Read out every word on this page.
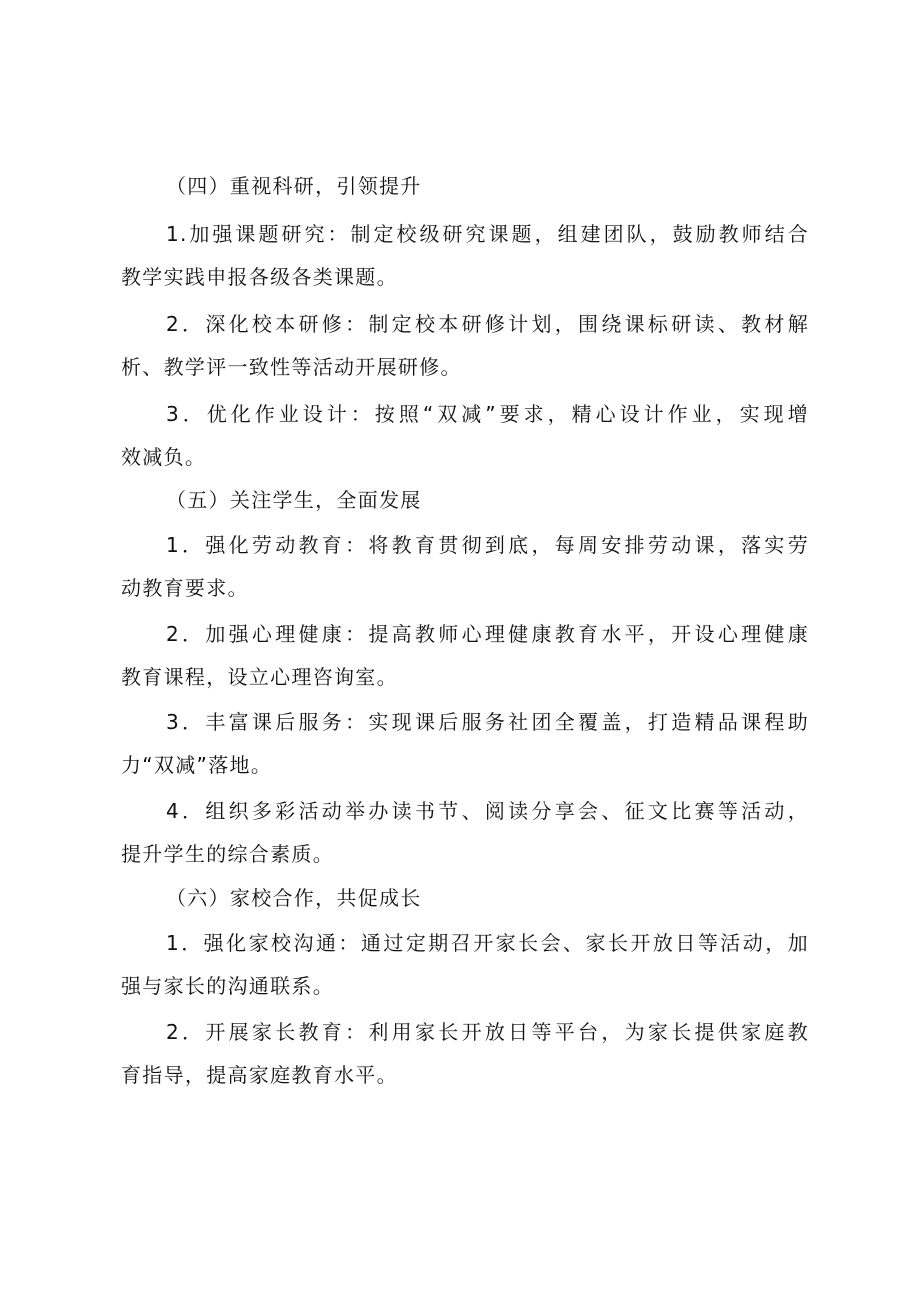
（四）重视科研，引领提升
1.加强课题研究：制定校级研究课题，组建团队，鼓励教师结合
教学实践申报各级各类课题。
2．深化校本研修：制定校本研修计划，围绕课标研读、教材解
析、教学评一致性等活动开展研修。
3．优化作业设计：按照“双减”要求，精心设计作业，实现增
效减负。
（五）关注学生，全面发展
1．强化劳动教育：将教育贯彻到底，每周安排劳动课，落实劳
动教育要求。
2．加强心理健康：提高教师心理健康教育水平，开设心理健康
教育课程，设立心理咨询室。
3．丰富课后服务：实现课后服务社团全覆盖，打造精品课程助
力“双减”落地。
4．组织多彩活动举办读书节、阅读分享会、征文比赛等活动，
提升学生的综合素质。
（六）家校合作，共促成长
1．强化家校沟通：通过定期召开家长会、家长开放日等活动，加
强与家长的沟通联系。
2．开展家长教育：利用家长开放日等平台，为家长提供家庭教
育指导，提高家庭教育水平。
